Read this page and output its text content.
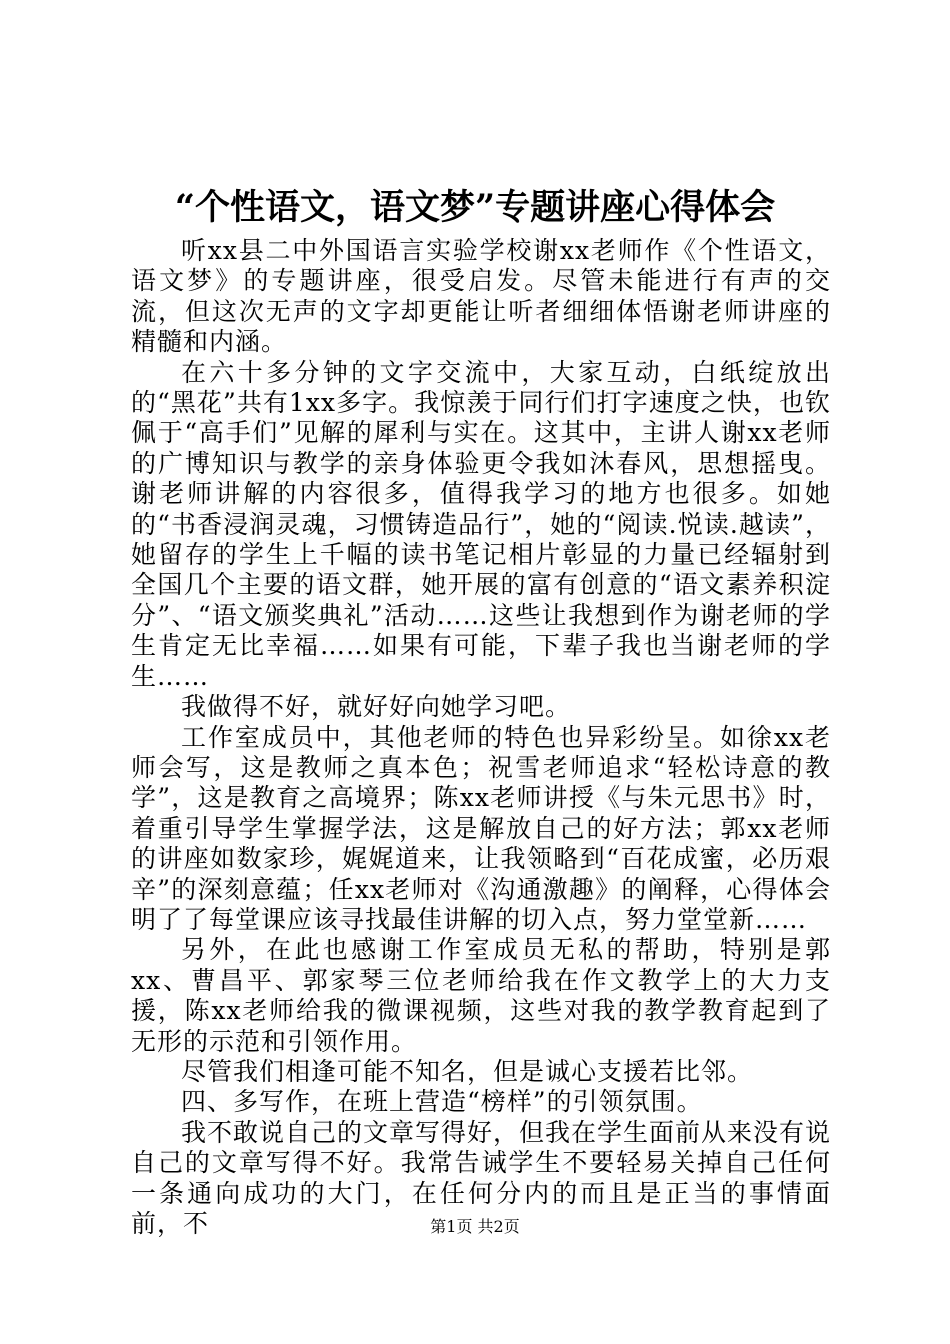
“个性语文，语文梦”专题讲座心得体会

听xx县二中外国语言实验学校谢xx老师作《个性语文，语文梦》的专题讲座，很受启发。尽管未能进行有声的交流，但这次无声的文字却更能让听者细细体悟谢老师讲座的精髓和内涵。

在六十多分钟的文字交流中，大家互动，白纸绽放出的“黑花”共有1xx多字。我惊羡于同行们打字速度之快，也钦佩于“高手们”见解的犀利与实在。这其中，主讲人谢xx老师的广博知识与教学的亲身体验更令我如沐春风，思想摇曳。谢老师讲解的内容很多，值得我学习的地方也很多。如她的“书香浸润灵魂，习惯铸造品行”，她的“阅读.悦读.越读”，她留存的学生上千幅的读书笔记相片彰显的力量已经辐射到全国几个主要的语文群，她开展的富有创意的“语文素养积淀分”、“语文颁奖典礼”活动……这些让我想到作为谢老师的学生肯定无比幸福……如果有可能，下辈子我也当谢老师的学生……

我做得不好，就好好向她学习吧。

工作室成员中，其他老师的特色也异彩纷呈。如徐xx老师会写，这是教师之真本色；祝雪老师追求“轻松诗意的教学”，这是教育之高境界；陈xx老师讲授《与朱元思书》时，着重引导学生掌握学法，这是解放自己的好方法；郭xx老师的讲座如数家珍，娓娓道来，让我领略到“百花成蜜，必历艰辛”的深刻意蕴；任xx老师对《沟通激趣》的阐释，心得体会明了了每堂课应该寻找最佳讲解的切入点，努力堂堂新……

另外，在此也感谢工作室成员无私的帮助，特别是郭xx、曹昌平、郭家琴三位老师给我在作文教学上的大力支援，陈xx老师给我的微课视频，这些对我的教学教育起到了无形的示范和引领作用。

尽管我们相逢可能不知名，但是诚心支援若比邻。

四、多写作，在班上营造“榜样”的引领氛围。

我不敢说自己的文章写得好，但我在学生面前从来没有说自己的文章写得不好。我常告诫学生不要轻易关掉自己任何一条通向成功的大门，在任何分内的而且是正当的事情面前，不	第1页 共2页
